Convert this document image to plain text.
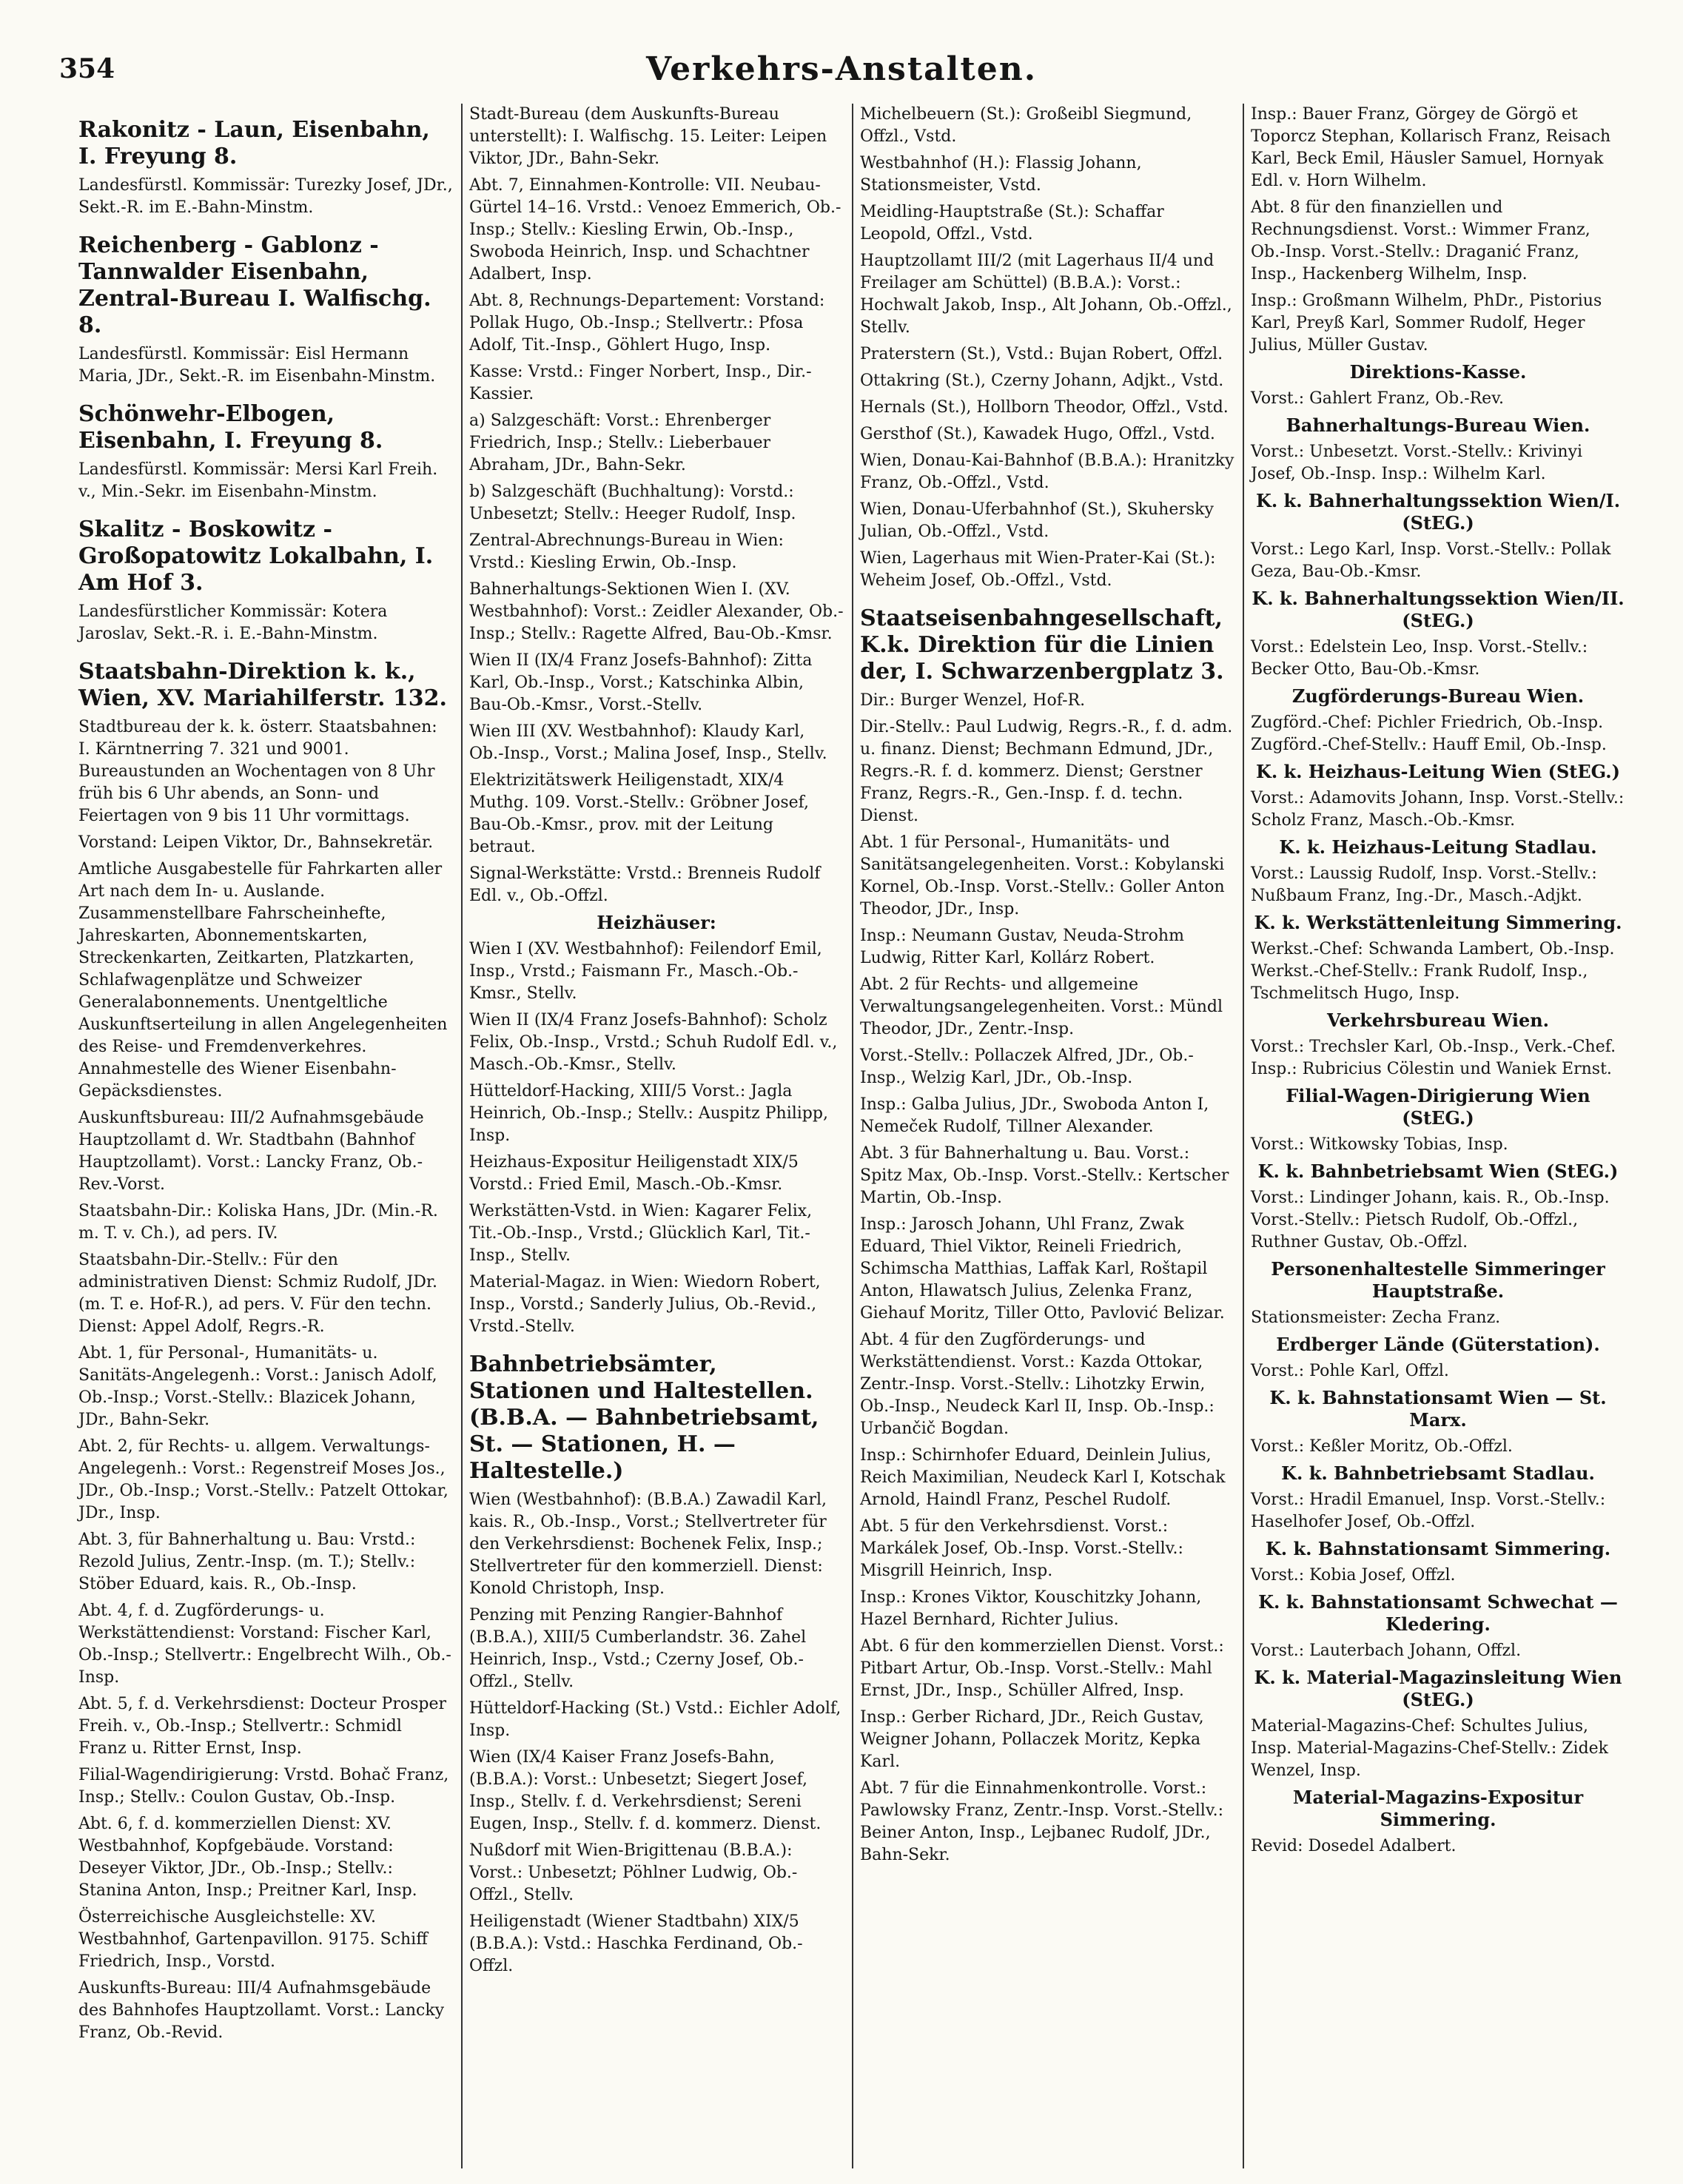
354	Verkehrs-Anstalten.
Rakonitz - Laun, Eisenbahn, I. Freyung 8.
Landesfürstl. Kommissär: Turezky Josef, JDr., Sekt.-R. im E.-Bahn-Minstm.
Reichenberg - Gablonz - Tannwalder Eisenbahn, Zentral-Bureau I. Walfischg. 8.
Landesfürstl. Kommissär: Eisl Hermann Maria, JDr., Sekt.-R. im Eisenbahn-Minstm.
Schönwehr-Elbogen, Eisenbahn, I. Freyung 8.
Landesfürstl. Kommissär: Mersi Karl Freih. v., Min.-Sekr. im Eisenbahn-Minstm.
Skalitz - Boskowitz - Großopatowitz Lokalbahn, I. Am Hof 3.
Landesfürstlicher Kommissär: Kotera Jaroslav, Sekt.-R. i. E.-Bahn-Minstm.
Staatsbahn-Direktion k. k., Wien, XV. Mariahilferstr. 132.
Stadtbureau der k. k. österr. Staatsbahnen: I. Kärntnerring 7. 321 und 9001. Bureaustunden an Wochentagen von 8 Uhr früh bis 6 Uhr abends, an Sonn- und Feiertagen von 9 bis 11 Uhr vormittags.
Vorstand: Leipen Viktor, Dr., Bahnsekretär.
Amtliche Ausgabestelle für Fahrkarten aller Art nach dem In- u. Auslande. Zusammenstellbare Fahrscheinhefte, Jahreskarten, Abonnementskarten, Streckenkarten, Zeitkarten, Platzkarten, Schlafwagenplätze und Schweizer Generalabonnements. Unentgeltliche Auskunftserteilung in allen Angelegenheiten des Reise- und Fremdenverkehres. Annahmestelle des Wiener Eisenbahn-Gepäcksdienstes.
Auskunftsbureau: III/2 Aufnahmsgebäude Hauptzollamt d. Wr. Stadtbahn (Bahnhof Hauptzollamt). Vorst.: Lancky Franz, Ob.-Rev.-Vorst.
Staatsbahn-Dir.: Koliska Hans, JDr. (Min.-R. m. T. v. Ch.), ad pers. IV.
Staatsbahn-Dir.-Stellv.: Für den administrativen Dienst: Schmiz Rudolf, JDr. (m. T. e. Hof-R.), ad pers. V. Für den techn. Dienst: Appel Adolf, Regrs.-R.
Abt. 1, für Personal-, Humanitäts- u. Sanitäts-Angelegenh.: Vorst.: Janisch Adolf, Ob.-Insp.; Vorst.-Stellv.: Blazicek Johann, JDr., Bahn-Sekr.
Abt. 2, für Rechts- u. allgem. Verwaltungs-Angelegenh.: Vorst.: Regenstreif Moses Jos., JDr., Ob.-Insp.; Vorst.-Stellv.: Patzelt Ottokar, JDr., Insp.
Abt. 3, für Bahnerhaltung u. Bau: Vrstd.: Rezold Julius, Zentr.-Insp. (m. T.); Stellv.: Stöber Eduard, kais. R., Ob.-Insp.
Abt. 4, f. d. Zugförderungs- u. Werkstättendienst: Vorstand: Fischer Karl, Ob.-Insp.; Stellvertr.: Engelbrecht Wilh., Ob.-Insp.
Abt. 5, f. d. Verkehrsdienst: Docteur Prosper Freih. v., Ob.-Insp.; Stellvertr.: Schmidl Franz u. Ritter Ernst, Insp.
Filial-Wagendirigierung: Vrstd. Bohač Franz, Insp.; Stellv.: Coulon Gustav, Ob.-Insp.
Abt. 6, f. d. kommerziellen Dienst: XV. Westbahnhof, Kopfgebäude. Vorstand: Deseyer Viktor, JDr., Ob.-Insp.; Stellv.: Stanina Anton, Insp.; Preitner Karl, Insp.
Österreichische Ausgleichstelle: XV. Westbahnhof, Gartenpavillon. 9175. Schiff Friedrich, Insp., Vorstd.
Auskunfts-Bureau: III/4 Aufnahmsgebäude des Bahnhofes Hauptzollamt. Vorst.: Lancky Franz, Ob.-Revid.
Stadt-Bureau (dem Auskunfts-Bureau unterstellt): I. Walfischg. 15. Leiter: Leipen Viktor, JDr., Bahn-Sekr.
Abt. 7, Einnahmen-Kontrolle: VII. Neubau-Gürtel 14–16. Vrstd.: Venoez Emmerich, Ob.-Insp.; Stellv.: Kiesling Erwin, Ob.-Insp., Swoboda Heinrich, Insp. und Schachtner Adalbert, Insp.
Abt. 8, Rechnungs-Departement: Vorstand: Pollak Hugo, Ob.-Insp.; Stellvertr.: Pfosa Adolf, Tit.-Insp., Göhlert Hugo, Insp.
Kasse: Vrstd.: Finger Norbert, Insp., Dir.-Kassier.
a) Salzgeschäft: Vorst.: Ehrenberger Friedrich, Insp.; Stellv.: Lieberbauer Abraham, JDr., Bahn-Sekr.
b) Salzgeschäft (Buchhaltung): Vorstd.: Unbesetzt; Stellv.: Heeger Rudolf, Insp.
Zentral-Abrechnungs-Bureau in Wien: Vrstd.: Kiesling Erwin, Ob.-Insp.
Bahnerhaltungs-Sektionen Wien I. (XV. Westbahnhof): Vorst.: Zeidler Alexander, Ob.-Insp.; Stellv.: Ragette Alfred, Bau-Ob.-Kmsr.
Wien II (IX/4 Franz Josefs-Bahnhof): Zitta Karl, Ob.-Insp., Vorst.; Katschinka Albin, Bau-Ob.-Kmsr., Vorst.-Stellv.
Wien III (XV. Westbahnhof): Klaudy Karl, Ob.-Insp., Vorst.; Malina Josef, Insp., Stellv.
Elektrizitätswerk Heiligenstadt, XIX/4 Muthg. 109. Vorst.-Stellv.: Gröbner Josef, Bau-Ob.-Kmsr., prov. mit der Leitung betraut.
Signal-Werkstätte: Vrstd.: Brenneis Rudolf Edl. v., Ob.-Offzl.
Heizhäuser:
Wien I (XV. Westbahnhof): Feilendorf Emil, Insp., Vrstd.; Faismann Fr., Masch.-Ob.-Kmsr., Stellv.
Wien II (IX/4 Franz Josefs-Bahnhof): Scholz Felix, Ob.-Insp., Vrstd.; Schuh Rudolf Edl. v., Masch.-Ob.-Kmsr., Stellv.
Hütteldorf-Hacking, XIII/5 Vorst.: Jagla Heinrich, Ob.-Insp.; Stellv.: Auspitz Philipp, Insp.
Heizhaus-Expositur Heiligenstadt XIX/5 Vorstd.: Fried Emil, Masch.-Ob.-Kmsr.
Werkstätten-Vstd. in Wien: Kagarer Felix, Tit.-Ob.-Insp., Vrstd.; Glücklich Karl, Tit.-Insp., Stellv.
Material-Magaz. in Wien: Wiedorn Robert, Insp., Vorstd.; Sanderly Julius, Ob.-Revid., Vrstd.-Stellv.
Bahnbetriebsämter, Stationen und Haltestellen. (B.B.A. — Bahnbetriebsamt, St. — Stationen, H. — Haltestelle.)
Wien (Westbahnhof): (B.B.A.) Zawadil Karl, kais. R., Ob.-Insp., Vorst.; Stellvertreter für den Verkehrsdienst: Bochenek Felix, Insp.; Stellvertreter für den kommerziell. Dienst: Konold Christoph, Insp.
Penzing mit Penzing Rangier-Bahnhof (B.B.A.), XIII/5 Cumberlandstr. 36. Zahel Heinrich, Insp., Vstd.; Czerny Josef, Ob.-Offzl., Stellv.
Hütteldorf-Hacking (St.) Vstd.: Eichler Adolf, Insp.
Wien (IX/4 Kaiser Franz Josefs-Bahn, (B.B.A.): Vorst.: Unbesetzt; Siegert Josef, Insp., Stellv. f. d. Verkehrsdienst; Sereni Eugen, Insp., Stellv. f. d. kommerz. Dienst.
Nußdorf mit Wien-Brigittenau (B.B.A.): Vorst.: Unbesetzt; Pöhlner Ludwig, Ob.-Offzl., Stellv.
Heiligenstadt (Wiener Stadtbahn) XIX/5 (B.B.A.): Vstd.: Haschka Ferdinand, Ob.-Offzl.
Michelbeuern (St.): Großeibl Siegmund, Offzl., Vstd.
Westbahnhof (H.): Flassig Johann, Stationsmeister, Vstd.
Meidling-Hauptstraße (St.): Schaffar Leopold, Offzl., Vstd.
Hauptzollamt III/2 (mit Lagerhaus II/4 und Freilager am Schüttel) (B.B.A.): Vorst.: Hochwalt Jakob, Insp., Alt Johann, Ob.-Offzl., Stellv.
Praterstern (St.), Vstd.: Bujan Robert, Offzl.
Ottakring (St.), Czerny Johann, Adjkt., Vstd.
Hernals (St.), Hollborn Theodor, Offzl., Vstd.
Gersthof (St.), Kawadek Hugo, Offzl., Vstd.
Wien, Donau-Kai-Bahnhof (B.B.A.): Hranitzky Franz, Ob.-Offzl., Vstd.
Wien, Donau-Uferbahnhof (St.), Skuhersky Julian, Ob.-Offzl., Vstd.
Wien, Lagerhaus mit Wien-Prater-Kai (St.): Weheim Josef, Ob.-Offzl., Vstd.
Staatseisenbahngesellschaft, K.k. Direktion für die Linien der, I. Schwarzenbergplatz 3.
Dir.: Burger Wenzel, Hof-R.
Dir.-Stellv.: Paul Ludwig, Regrs.-R., f. d. adm. u. finanz. Dienst; Bechmann Edmund, JDr., Regrs.-R. f. d. kommerz. Dienst; Gerstner Franz, Regrs.-R., Gen.-Insp. f. d. techn. Dienst.
Abt. 1 für Personal-, Humanitäts- und Sanitätsangelegenheiten. Vorst.: Kobylanski Kornel, Ob.-Insp. Vorst.-Stellv.: Goller Anton Theodor, JDr., Insp.
Insp.: Neumann Gustav, Neuda-Strohm Ludwig, Ritter Karl, Kollárz Robert.
Abt. 2 für Rechts- und allgemeine Verwaltungsangelegenheiten. Vorst.: Mündl Theodor, JDr., Zentr.-Insp.
Vorst.-Stellv.: Pollaczek Alfred, JDr., Ob.-Insp., Welzig Karl, JDr., Ob.-Insp.
Insp.: Galba Julius, JDr., Swoboda Anton I, Nemeček Rudolf, Tillner Alexander.
Abt. 3 für Bahnerhaltung u. Bau. Vorst.: Spitz Max, Ob.-Insp. Vorst.-Stellv.: Kertscher Martin, Ob.-Insp.
Insp.: Jarosch Johann, Uhl Franz, Zwak Eduard, Thiel Viktor, Reineli Friedrich, Schimscha Matthias, Laffak Karl, Roštapil Anton, Hlawatsch Julius, Zelenka Franz, Giehauf Moritz, Tiller Otto, Pavlović Belizar.
Abt. 4 für den Zugförderungs- und Werkstättendienst. Vorst.: Kazda Ottokar, Zentr.-Insp. Vorst.-Stellv.: Lihotzky Erwin, Ob.-Insp., Neudeck Karl II, Insp. Ob.-Insp.: Urbančič Bogdan.
Insp.: Schirnhofer Eduard, Deinlein Julius, Reich Maximilian, Neudeck Karl I, Kotschak Arnold, Haindl Franz, Peschel Rudolf.
Abt. 5 für den Verkehrsdienst. Vorst.: Markálek Josef, Ob.-Insp. Vorst.-Stellv.: Misgrill Heinrich, Insp.
Insp.: Krones Viktor, Kouschitzky Johann, Hazel Bernhard, Richter Julius.
Abt. 6 für den kommerziellen Dienst. Vorst.: Pitbart Artur, Ob.-Insp. Vorst.-Stellv.: Mahl Ernst, JDr., Insp., Schüller Alfred, Insp.
Insp.: Gerber Richard, JDr., Reich Gustav, Weigner Johann, Pollaczek Moritz, Kepka Karl.
Abt. 7 für die Einnahmenkontrolle. Vorst.: Pawlowsky Franz, Zentr.-Insp. Vorst.-Stellv.: Beiner Anton, Insp., Lejbanec Rudolf, JDr., Bahn-Sekr.
Insp.: Bauer Franz, Görgey de Görgö et Toporcz Stephan, Kollarisch Franz, Reisach Karl, Beck Emil, Häusler Samuel, Hornyak Edl. v. Horn Wilhelm.
Abt. 8 für den finanziellen und Rechnungsdienst. Vorst.: Wimmer Franz, Ob.-Insp. Vorst.-Stellv.: Draganić Franz, Insp., Hackenberg Wilhelm, Insp.
Insp.: Großmann Wilhelm, PhDr., Pistorius Karl, Preyß Karl, Sommer Rudolf, Heger Julius, Müller Gustav.
Direktions-Kasse.
Vorst.: Gahlert Franz, Ob.-Rev.
Bahnerhaltungs-Bureau Wien.
Vorst.: Unbesetzt. Vorst.-Stellv.: Krivinyi Josef, Ob.-Insp. Insp.: Wilhelm Karl.
K. k. Bahnerhaltungssektion Wien/I. (StEG.)
Vorst.: Lego Karl, Insp. Vorst.-Stellv.: Pollak Geza, Bau-Ob.-Kmsr.
K. k. Bahnerhaltungssektion Wien/II. (StEG.)
Vorst.: Edelstein Leo, Insp. Vorst.-Stellv.: Becker Otto, Bau-Ob.-Kmsr.
Zugförderungs-Bureau Wien.
Zugförd.-Chef: Pichler Friedrich, Ob.-Insp. Zugförd.-Chef-Stellv.: Hauff Emil, Ob.-Insp.
K. k. Heizhaus-Leitung Wien (StEG.)
Vorst.: Adamovits Johann, Insp. Vorst.-Stellv.: Scholz Franz, Masch.-Ob.-Kmsr.
K. k. Heizhaus-Leitung Stadlau.
Vorst.: Laussig Rudolf, Insp. Vorst.-Stellv.: Nußbaum Franz, Ing.-Dr., Masch.-Adjkt.
K. k. Werkstättenleitung Simmering.
Werkst.-Chef: Schwanda Lambert, Ob.-Insp. Werkst.-Chef-Stellv.: Frank Rudolf, Insp., Tschmelitsch Hugo, Insp.
Verkehrsbureau Wien.
Vorst.: Trechsler Karl, Ob.-Insp., Verk.-Chef. Insp.: Rubricius Cölestin und Waniek Ernst.
Filial-Wagen-Dirigierung Wien (StEG.)
Vorst.: Witkowsky Tobias, Insp.
K. k. Bahnbetriebsamt Wien (StEG.)
Vorst.: Lindinger Johann, kais. R., Ob.-Insp. Vorst.-Stellv.: Pietsch Rudolf, Ob.-Offzl., Ruthner Gustav, Ob.-Offzl.
Personenhaltestelle Simmeringer Hauptstraße.
Stationsmeister: Zecha Franz.
Erdberger Lände (Güterstation).
Vorst.: Pohle Karl, Offzl.
K. k. Bahnstationsamt Wien — St. Marx.
Vorst.: Keßler Moritz, Ob.-Offzl.
K. k. Bahnbetriebsamt Stadlau.
Vorst.: Hradil Emanuel, Insp. Vorst.-Stellv.: Haselhofer Josef, Ob.-Offzl.
K. k. Bahnstationsamt Simmering.
Vorst.: Kobia Josef, Offzl.
K. k. Bahnstationsamt Schwechat — Kledering.
Vorst.: Lauterbach Johann, Offzl.
K. k. Material-Magazinsleitung Wien (StEG.)
Material-Magazins-Chef: Schultes Julius, Insp. Material-Magazins-Chef-Stellv.: Zidek Wenzel, Insp.
Material-Magazins-Expositur Simmering.
Revid: Dosedel Adalbert.
